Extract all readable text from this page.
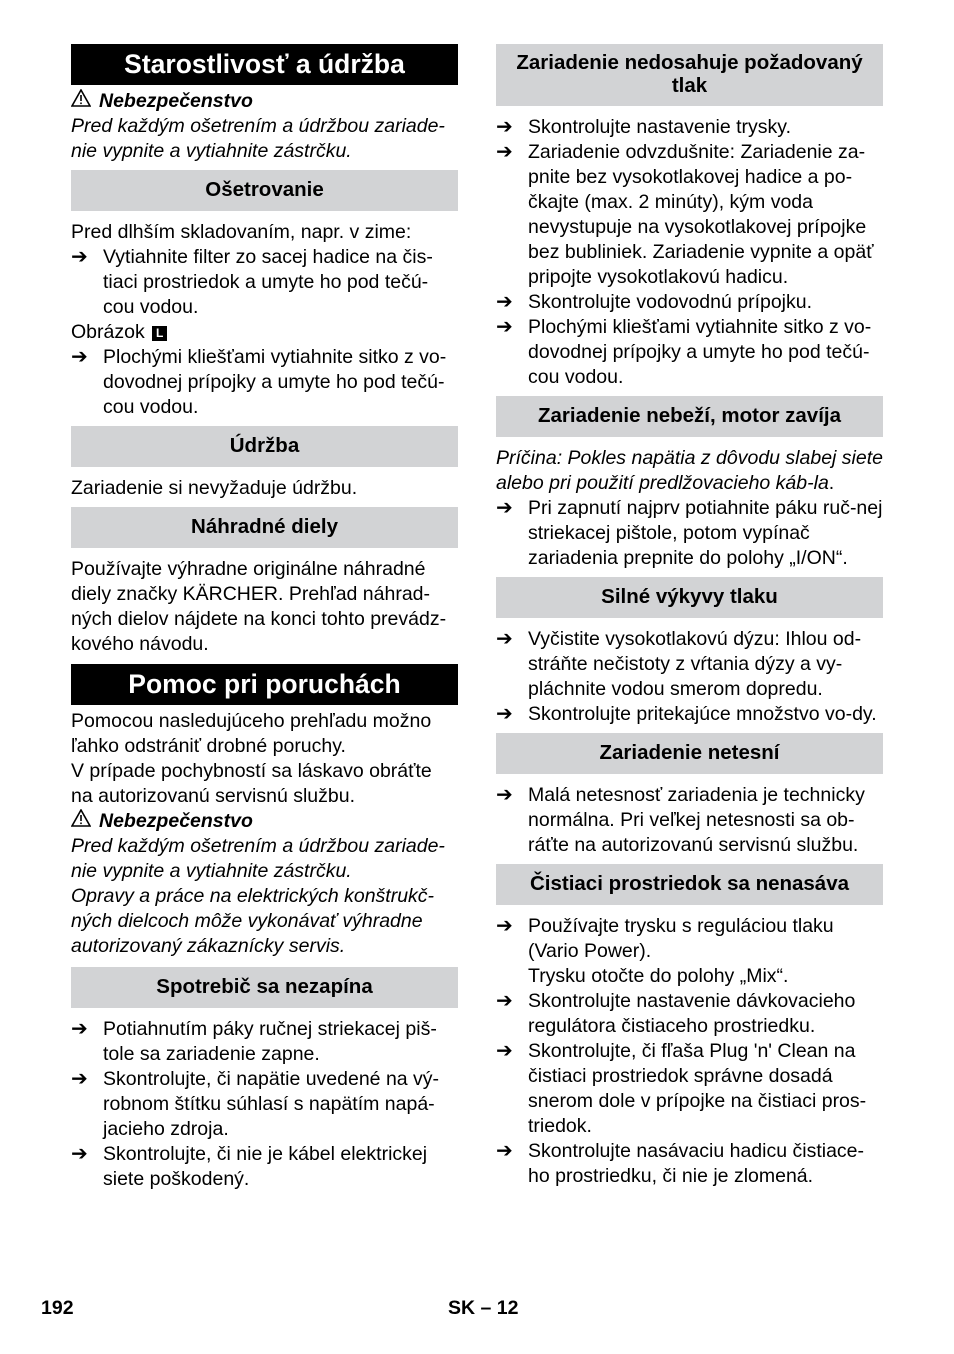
Starostlivosť a údržba
Nebezpečenstvo
Pred každým ošetrením a údržbou zariade-nie vypnite a vytiahnite zástrčku.
Ošetrovanie
Pred dlhším skladovaním, napr. v zime:
➔ Vytiahnite filter zo sacej hadice na čis-tiaci prostriedok a umyte ho pod tečú-cou vodou.
Obrázok L
➔ Plochými kliešťami vytiahnite sitko z vo-dovodnej prípojky a umyte ho pod tečú-cou vodou.
Údržba
Zariadenie si nevyžaduje údržbu.
Náhradné diely
Používajte výhradne originálne náhradné diely značky KÄRCHER. Prehľad náhrad-ných dielov nájdete na konci tohto prevádz-kového návodu.
Pomoc pri poruchách
Pomocou nasledujúceho prehľadu možno ľahko odstrániť drobné poruchy.
V prípade pochybností sa láskavo obráťte na autorizovanú servisnú službu.
Nebezpečenstvo
Pred každým ošetrením a údržbou zariade-nie vypnite a vytiahnite zástrčku.
Opravy a práce na elektrických konštrukč-ných dielcoch môže vykonávať výhradne autorizovaný zákaznícky servis.
Spotrebič sa nezapína
➔ Potiahnutím páky ručnej striekacej piš-tole sa zariadenie zapne.
➔ Skontrolujte, či napätie uvedené na vý-robnom štítku súhlasí s napätím napá-jacieho zdroja.
➔ Skontrolujte, či nie je kábel elektrickej siete poškodený.
Zariadenie nedosahuje požadovaný tlak
➔ Skontrolujte nastavenie trysky.
➔ Zariadenie odvzdušnite: Zariadenie za-pnite bez vysokotlakovej hadice a po-čkajte (max. 2 minúty), kým voda nevystupuje na vysokotlakovej prípojke bez bubliniek. Zariadenie vypnite a opäť pripojte vysokotlakovú hadicu.
➔ Skontrolujte vodovodnú prípojku.
➔ Plochými kliešťami vytiahnite sitko z vo-dovodnej prípojky a umyte ho pod tečú-cou vodou.
Zariadenie nebeží, motor zavíja
Príčina: Pokles napätia z dôvodu slabej siete alebo pri použití predlžovacieho káb-la.
➔ Pri zapnutí najprv potiahnite páku ruč-nej striekacej pištole, potom vypínač zariadenia prepnite do polohy „I/ON“.
Silné výkyvy tlaku
➔ Vyčistite vysokotlakovú dýzu: Ihlou od-stráňte nečistoty z vŕtania dýzy a vy-pláchnite vodou smerom dopredu.
➔ Skontrolujte pritekajúce množstvo vo-dy.
Zariadenie netesní
➔ Malá netesnosť zariadenia je technicky normálna. Pri veľkej netesnosti sa ob-ráťte na autorizovanú servisnú službu.
Čistiaci prostriedok sa nenasáva
➔ Používajte trysku s reguláciou tlaku (Vario Power).
Trysku otočte do polohy „Mix“.
➔ Skontrolujte nastavenie dávkovacieho regulátora čistiaceho prostriedku.
➔ Skontrolujte, či fľaša Plug 'n' Clean na čistiaci prostriedok správne dosadá snerom dole v prípojke na čistiaci pros-triedok.
➔ Skontrolujte nasávaciu hadicu čistiace-ho prostriedku, či nie je zlomená.
192	SK – 12
